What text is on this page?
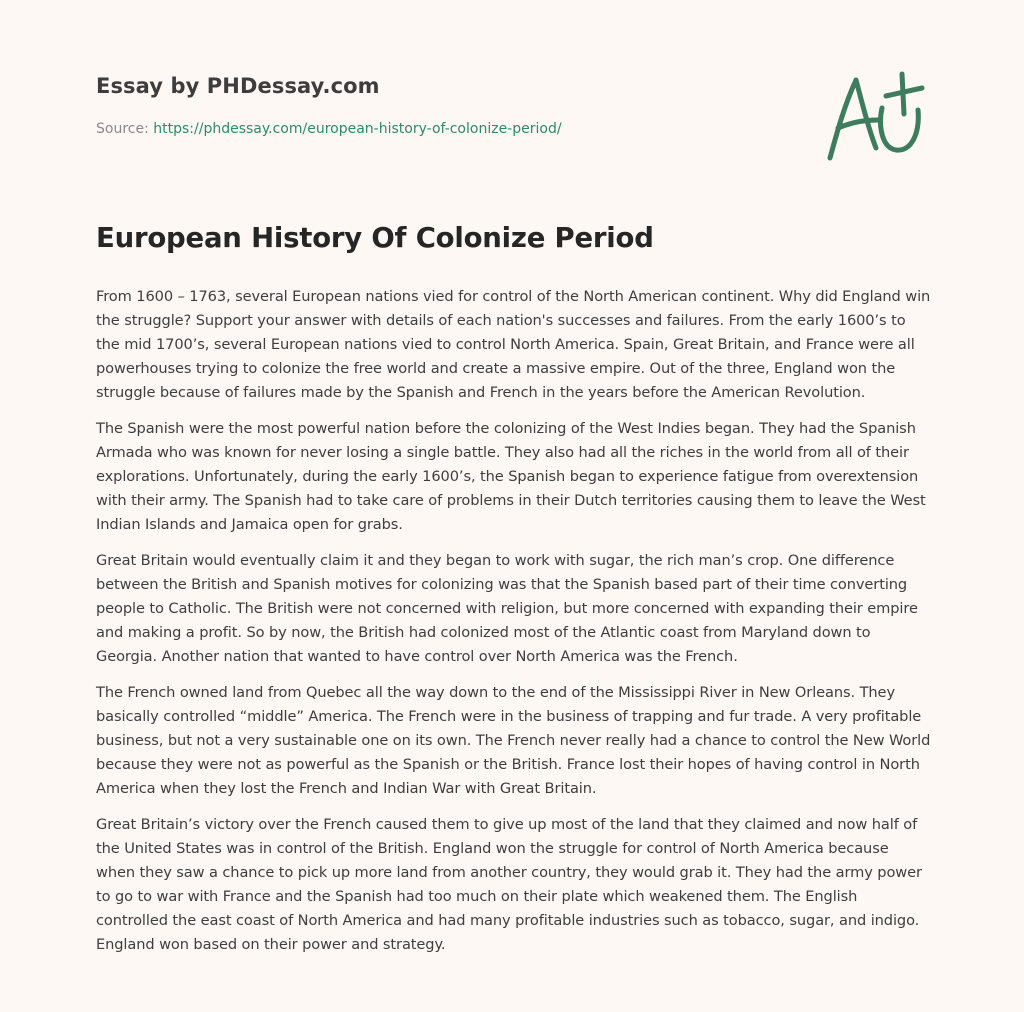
Essay by PHDessay.com
Source: https://phdessay.com/european-history-of-colonize-period/
European History Of Colonize Period

From 1600 – 1763, several European nations vied for control of the North American continent. Why did England win the struggle? Support your answer with details of each nation's successes and failures. From the early 1600’s to the mid 1700’s, several European nations vied to control North America. Spain, Great Britain, and France were all powerhouses trying to colonize the free world and create a massive empire. Out of the three, England won the struggle because of failures made by the Spanish and French in the years before the American Revolution.

The Spanish were the most powerful nation before the colonizing of the West Indies began. They had the Spanish Armada who was known for never losing a single battle. They also had all the riches in the world from all of their explorations. Unfortunately, during the early 1600’s, the Spanish began to experience fatigue from overextension with their army. The Spanish had to take care of problems in their Dutch territories causing them to leave the West Indian Islands and Jamaica open for grabs.

Great Britain would eventually claim it and they began to work with sugar, the rich man’s crop. One difference between the British and Spanish motives for colonizing was that the Spanish based part of their time converting people to Catholic. The British were not concerned with religion, but more concerned with expanding their empire and making a profit. So by now, the British had colonized most of the Atlantic coast from Maryland down to Georgia. Another nation that wanted to have control over North America was the French.

The French owned land from Quebec all the way down to the end of the Mississippi River in New Orleans. They basically controlled “middle” America. The French were in the business of trapping and fur trade. A very profitable business, but not a very sustainable one on its own. The French never really had a chance to control the New World because they were not as powerful as the Spanish or the British. France lost their hopes of having control in North America when they lost the French and Indian War with Great Britain.

Great Britain’s victory over the French caused them to give up most of the land that they claimed and now half of the United States was in control of the British. England won the struggle for control of North America because when they saw a chance to pick up more land from another country, they would grab it. They had the army power to go to war with France and the Spanish had too much on their plate which weakened them. The English controlled the east coast of North America and had many profitable industries such as tobacco, sugar, and indigo. England won based on their power and strategy.
